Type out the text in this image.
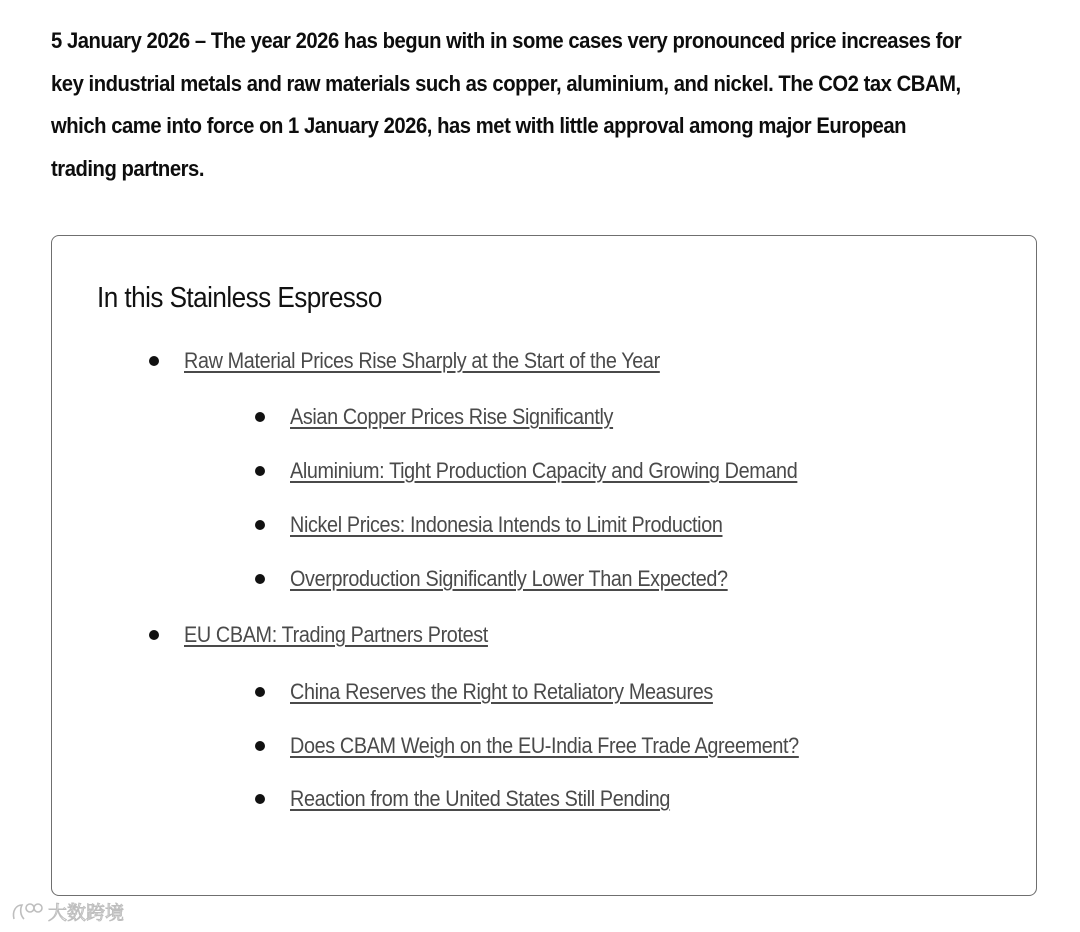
5 January 2026 – The year 2026 has begun with in some cases very pronounced price increases for key industrial metals and raw materials such as copper, aluminium, and nickel. The CO2 tax CBAM, which came into force on 1 January 2026, has met with little approval among major European trading partners.

In this Stainless Espresso
Raw Material Prices Rise Sharply at the Start of the Year
Asian Copper Prices Rise Significantly
Aluminium: Tight Production Capacity and Growing Demand
Nickel Prices: Indonesia Intends to Limit Production
Overproduction Significantly Lower Than Expected?
EU CBAM: Trading Partners Protest
China Reserves the Right to Retaliatory Measures
Does CBAM Weigh on the EU-India Free Trade Agreement?
Reaction from the United States Still Pending
大数跨境
